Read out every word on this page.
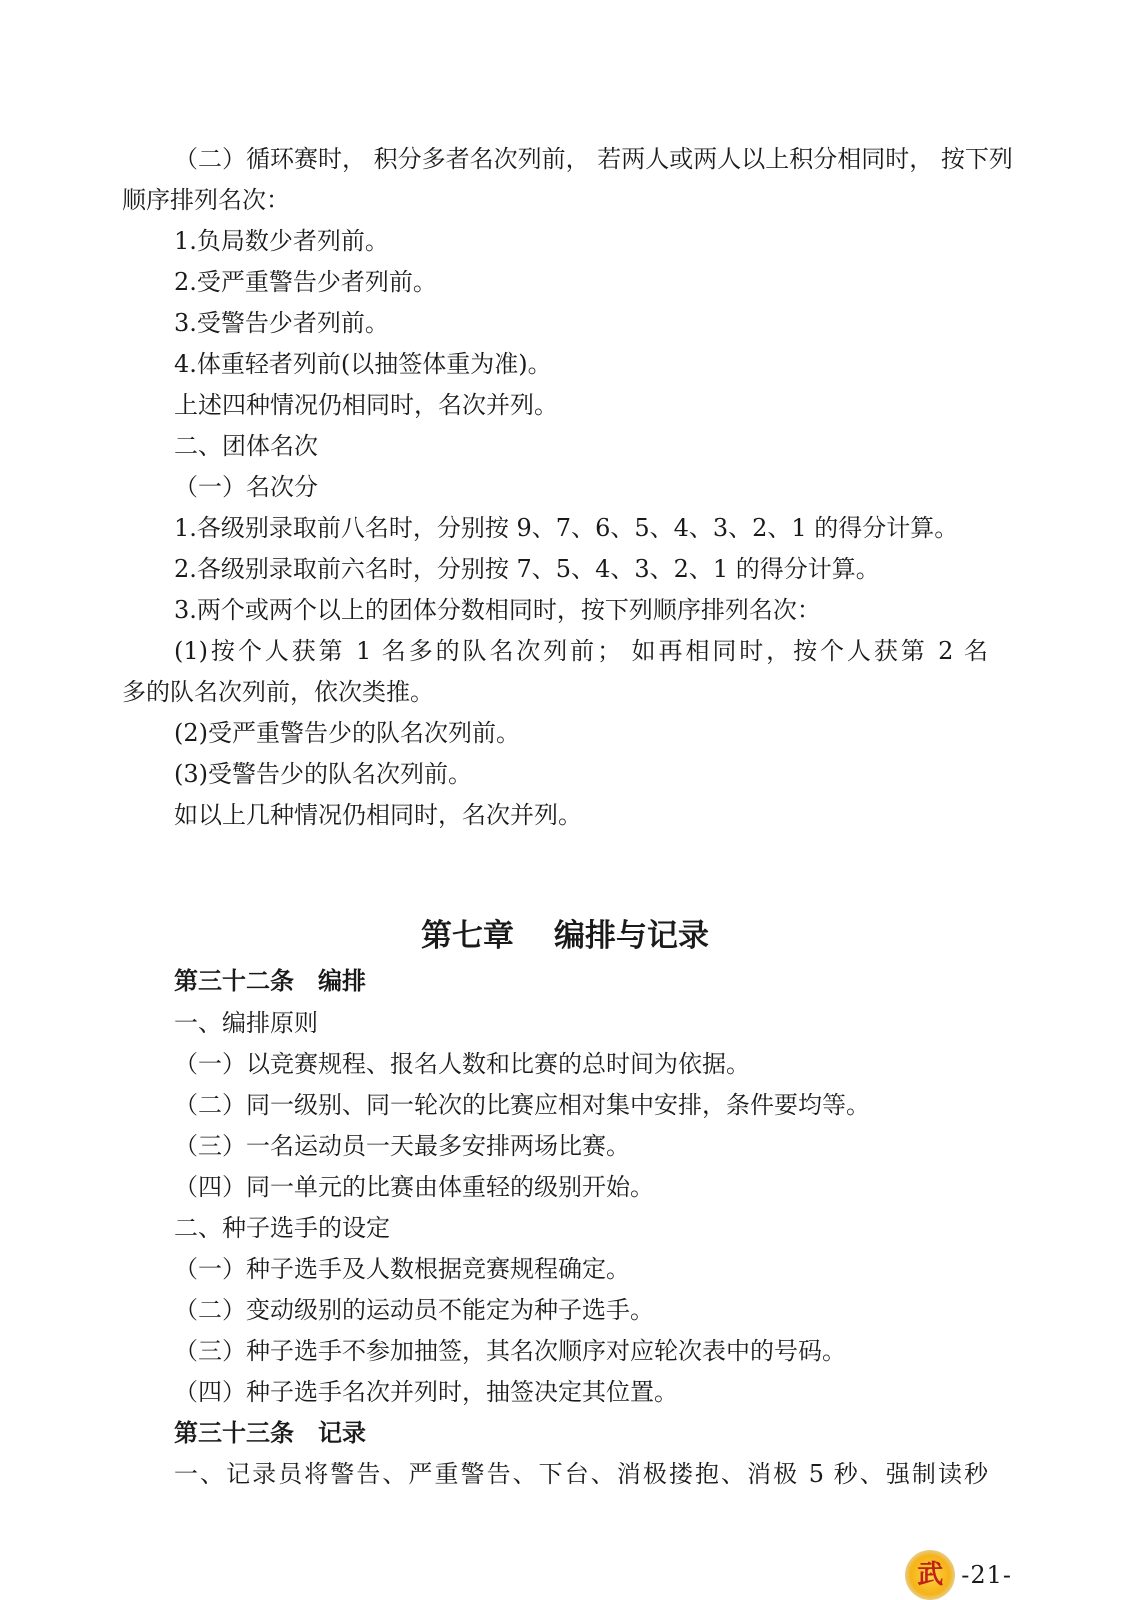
（二）循环赛时， 积分多者名次列前， 若两人或两人以上积分相同时， 按下列
顺序排列名次：
1.负局数少者列前。
2.受严重警告少者列前。
3.受警告少者列前。
4.体重轻者列前(以抽签体重为准)。
上述四种情况仍相同时，名次并列。
二、团体名次
（一）名次分
1.各级别录取前八名时，分别按 9、7、6、5、4、3、2、1 的得分计算。
2.各级别录取前六名时，分别按 7、5、4、3、2、1 的得分计算。
3.两个或两个以上的团体分数相同时，按下列顺序排列名次：
(1)按个人获第 1 名多的队名次列前； 如再相同时，按个人获第 2 名
多的队名次列前，依次类推。
(2)受严重警告少的队名次列前。
(3)受警告少的队名次列前。
如以上几种情况仍相同时，名次并列。
第七章 编排与记录
第三十二条　编排
一、编排原则
（一）以竞赛规程、报名人数和比赛的总时间为依据。
（二）同一级别、同一轮次的比赛应相对集中安排，条件要均等。
（三）一名运动员一天最多安排两场比赛。
（四）同一单元的比赛由体重轻的级别开始。
二、种子选手的设定
（一）种子选手及人数根据竞赛规程确定。
（二）变动级别的运动员不能定为种子选手。
（三）种子选手不参加抽签，其名次顺序对应轮次表中的号码。
（四）种子选手名次并列时，抽签决定其位置。
第三十三条　记录
一、记录员将警告、严重警告、下台、消极搂抱、消极 5 秒、强制读秒
武 -21-
